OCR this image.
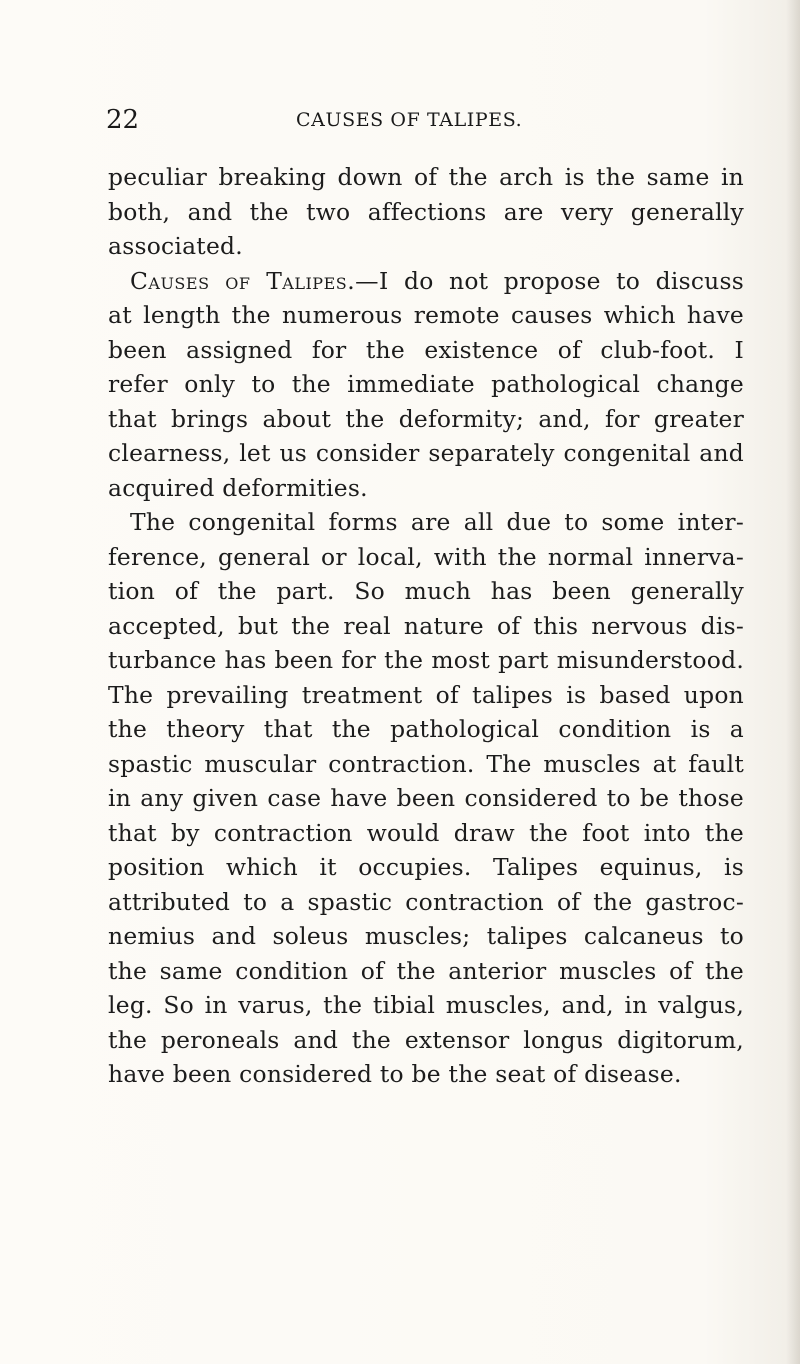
22	CAUSES OF TALIPES.
peculiar breaking down of the arch is the same in
both, and the two affections are very generally
associated.
Causes of Talipes.—I do not propose to discuss
at length the numerous remote causes which have
been assigned for the existence of club-foot. I
refer only to the immediate pathological change
that brings about the deformity; and, for greater
clearness, let us consider separately congenital and
acquired deformities.
The congenital forms are all due to some inter-
ference, general or local, with the normal innerva-
tion of the part. So much has been generally
accepted, but the real nature of this nervous dis-
turbance has been for the most part misunderstood.
The prevailing treatment of talipes is based upon
the theory that the pathological condition is a
spastic muscular contraction. The muscles at fault
in any given case have been considered to be those
that by contraction would draw the foot into the
position which it occupies. Talipes equinus, is
attributed to a spastic contraction of the gastroc-
nemius and soleus muscles; talipes calcaneus to
the same condition of the anterior muscles of the
leg. So in varus, the tibial muscles, and, in valgus,
the peroneals and the extensor longus digitorum,
have been considered to be the seat of disease.
